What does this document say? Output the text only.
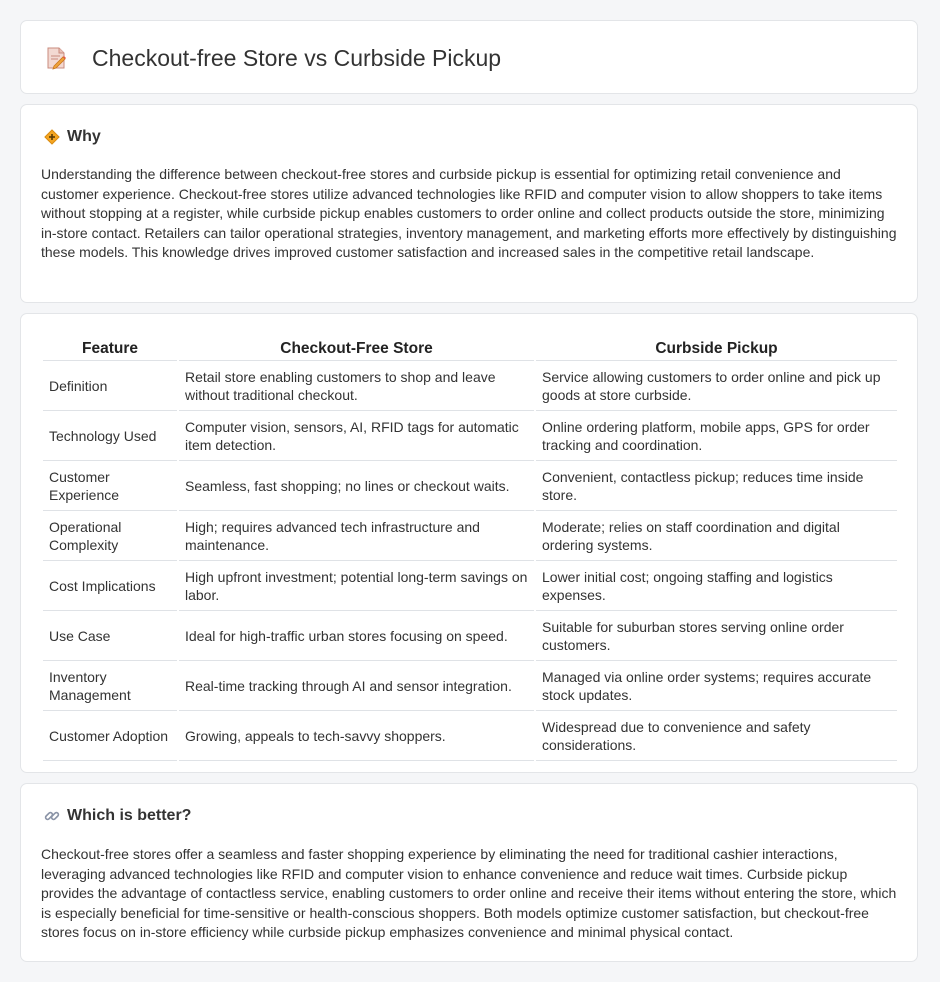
Checkout-free Store vs Curbside Pickup
Why

Understanding the difference between checkout-free stores and curbside pickup is essential for optimizing retail convenience and customer experience. Checkout-free stores utilize advanced technologies like RFID and computer vision to allow shoppers to take items without stopping at a register, while curbside pickup enables customers to order online and collect products outside the store, minimizing in-store contact. Retailers can tailor operational strategies, inventory management, and marketing efforts more effectively by distinguishing these models. This knowledge drives improved customer satisfaction and increased sales in the competitive retail landscape.

Feature	Checkout-Free Store	Curbside Pickup
Definition	Retail store enabling customers to shop and leave without traditional checkout.	Service allowing customers to order online and pick up goods at store curbside.
Technology Used	Computer vision, sensors, AI, RFID tags for automatic item detection.	Online ordering platform, mobile apps, GPS for order tracking and coordination.
Customer Experience	Seamless, fast shopping; no lines or checkout waits.	Convenient, contactless pickup; reduces time inside store.
Operational Complexity	High; requires advanced tech infrastructure and maintenance.	Moderate; relies on staff coordination and digital ordering systems.
Cost Implications	High upfront investment; potential long-term savings on labor.	Lower initial cost; ongoing staffing and logistics expenses.
Use Case	Ideal for high-traffic urban stores focusing on speed.	Suitable for suburban stores serving online order customers.
Inventory Management	Real-time tracking through AI and sensor integration.	Managed via online order systems; requires accurate stock updates.
Customer Adoption	Growing, appeals to tech-savvy shoppers.	Widespread due to convenience and safety considerations.
Which is better?

Checkout-free stores offer a seamless and faster shopping experience by eliminating the need for traditional cashier interactions, leveraging advanced technologies like RFID and computer vision to enhance convenience and reduce wait times. Curbside pickup provides the advantage of contactless service, enabling customers to order online and receive their items without entering the store, which is especially beneficial for time-sensitive or health-conscious shoppers. Both models optimize customer satisfaction, but checkout-free stores focus on in-store efficiency while curbside pickup emphasizes convenience and minimal physical contact.
